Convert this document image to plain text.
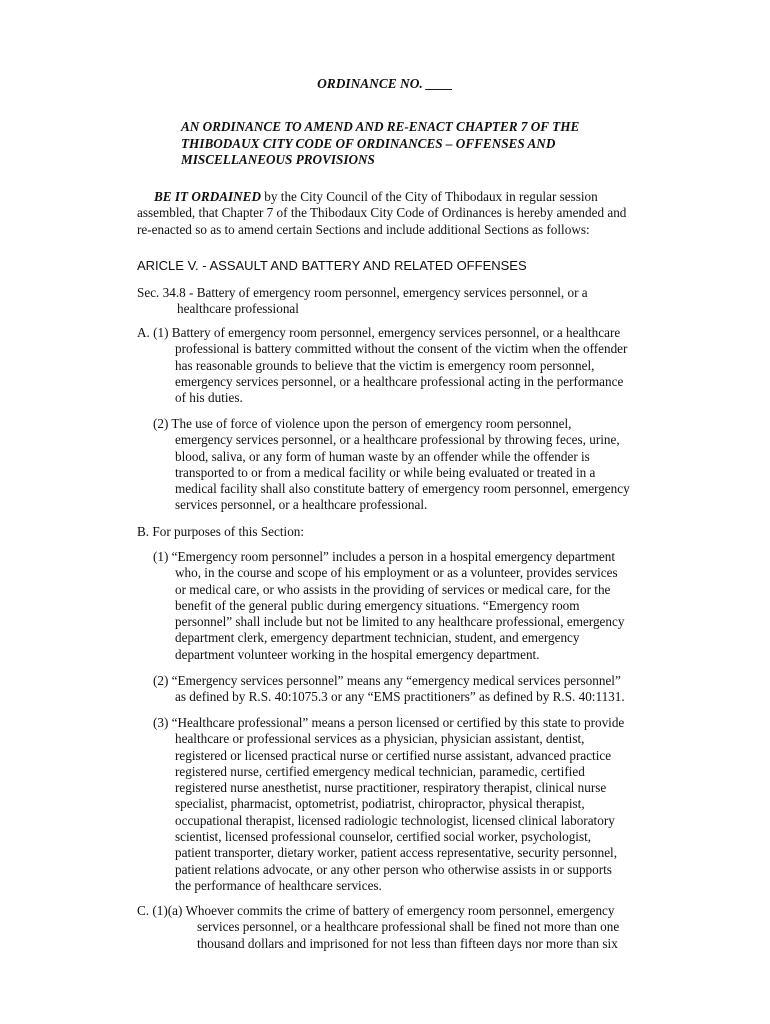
ORDINANCE NO. ____
AN ORDINANCE TO AMEND AND RE-ENACT CHAPTER 7 OF THE
THIBODAUX CITY CODE OF ORDINANCES – OFFENSES AND
MISCELLANEOUS PROVISIONS
BE IT ORDAINED by the City Council of the City of Thibodaux in regular session
assembled, that Chapter 7 of the Thibodaux City Code of Ordinances is hereby amended and
re-enacted so as to amend certain Sections and include additional Sections as follows:
ARICLE V. - ASSAULT AND BATTERY AND RELATED OFFENSES
Sec. 34.8 - Battery of emergency room personnel, emergency services personnel, or a
healthcare professional
A. (1) Battery of emergency room personnel, emergency services personnel, or a healthcare
professional is battery committed without the consent of the victim when the offender
has reasonable grounds to believe that the victim is emergency room personnel,
emergency services personnel, or a healthcare professional acting in the performance
of his duties.
(2) The use of force of violence upon the person of emergency room personnel,
emergency services personnel, or a healthcare professional by throwing feces, urine,
blood, saliva, or any form of human waste by an offender while the offender is
transported to or from a medical facility or while being evaluated or treated in a
medical facility shall also constitute battery of emergency room personnel, emergency
services personnel, or a healthcare professional.
B. For purposes of this Section:
(1) “Emergency room personnel” includes a person in a hospital emergency department
who, in the course and scope of his employment or as a volunteer, provides services
or medical care, or who assists in the providing of services or medical care, for the
benefit of the general public during emergency situations. “Emergency room
personnel” shall include but not be limited to any healthcare professional, emergency
department clerk, emergency department technician, student, and emergency
department volunteer working in the hospital emergency department.
(2) “Emergency services personnel” means any “emergency medical services personnel”
as defined by R.S. 40:1075.3 or any “EMS practitioners” as defined by R.S. 40:1131.
(3) “Healthcare professional” means a person licensed or certified by this state to provide
healthcare or professional services as a physician, physician assistant, dentist,
registered or licensed practical nurse or certified nurse assistant, advanced practice
registered nurse, certified emergency medical technician, paramedic, certified
registered nurse anesthetist, nurse practitioner, respiratory therapist, clinical nurse
specialist, pharmacist, optometrist, podiatrist, chiropractor, physical therapist,
occupational therapist, licensed radiologic technologist, licensed clinical laboratory
scientist, licensed professional counselor, certified social worker, psychologist,
patient transporter, dietary worker, patient access representative, security personnel,
patient relations advocate, or any other person who otherwise assists in or supports
the performance of healthcare services.
C. (1)(a) Whoever commits the crime of battery of emergency room personnel, emergency
services personnel, or a healthcare professional shall be fined not more than one
thousand dollars and imprisoned for not less than fifteen days nor more than six
